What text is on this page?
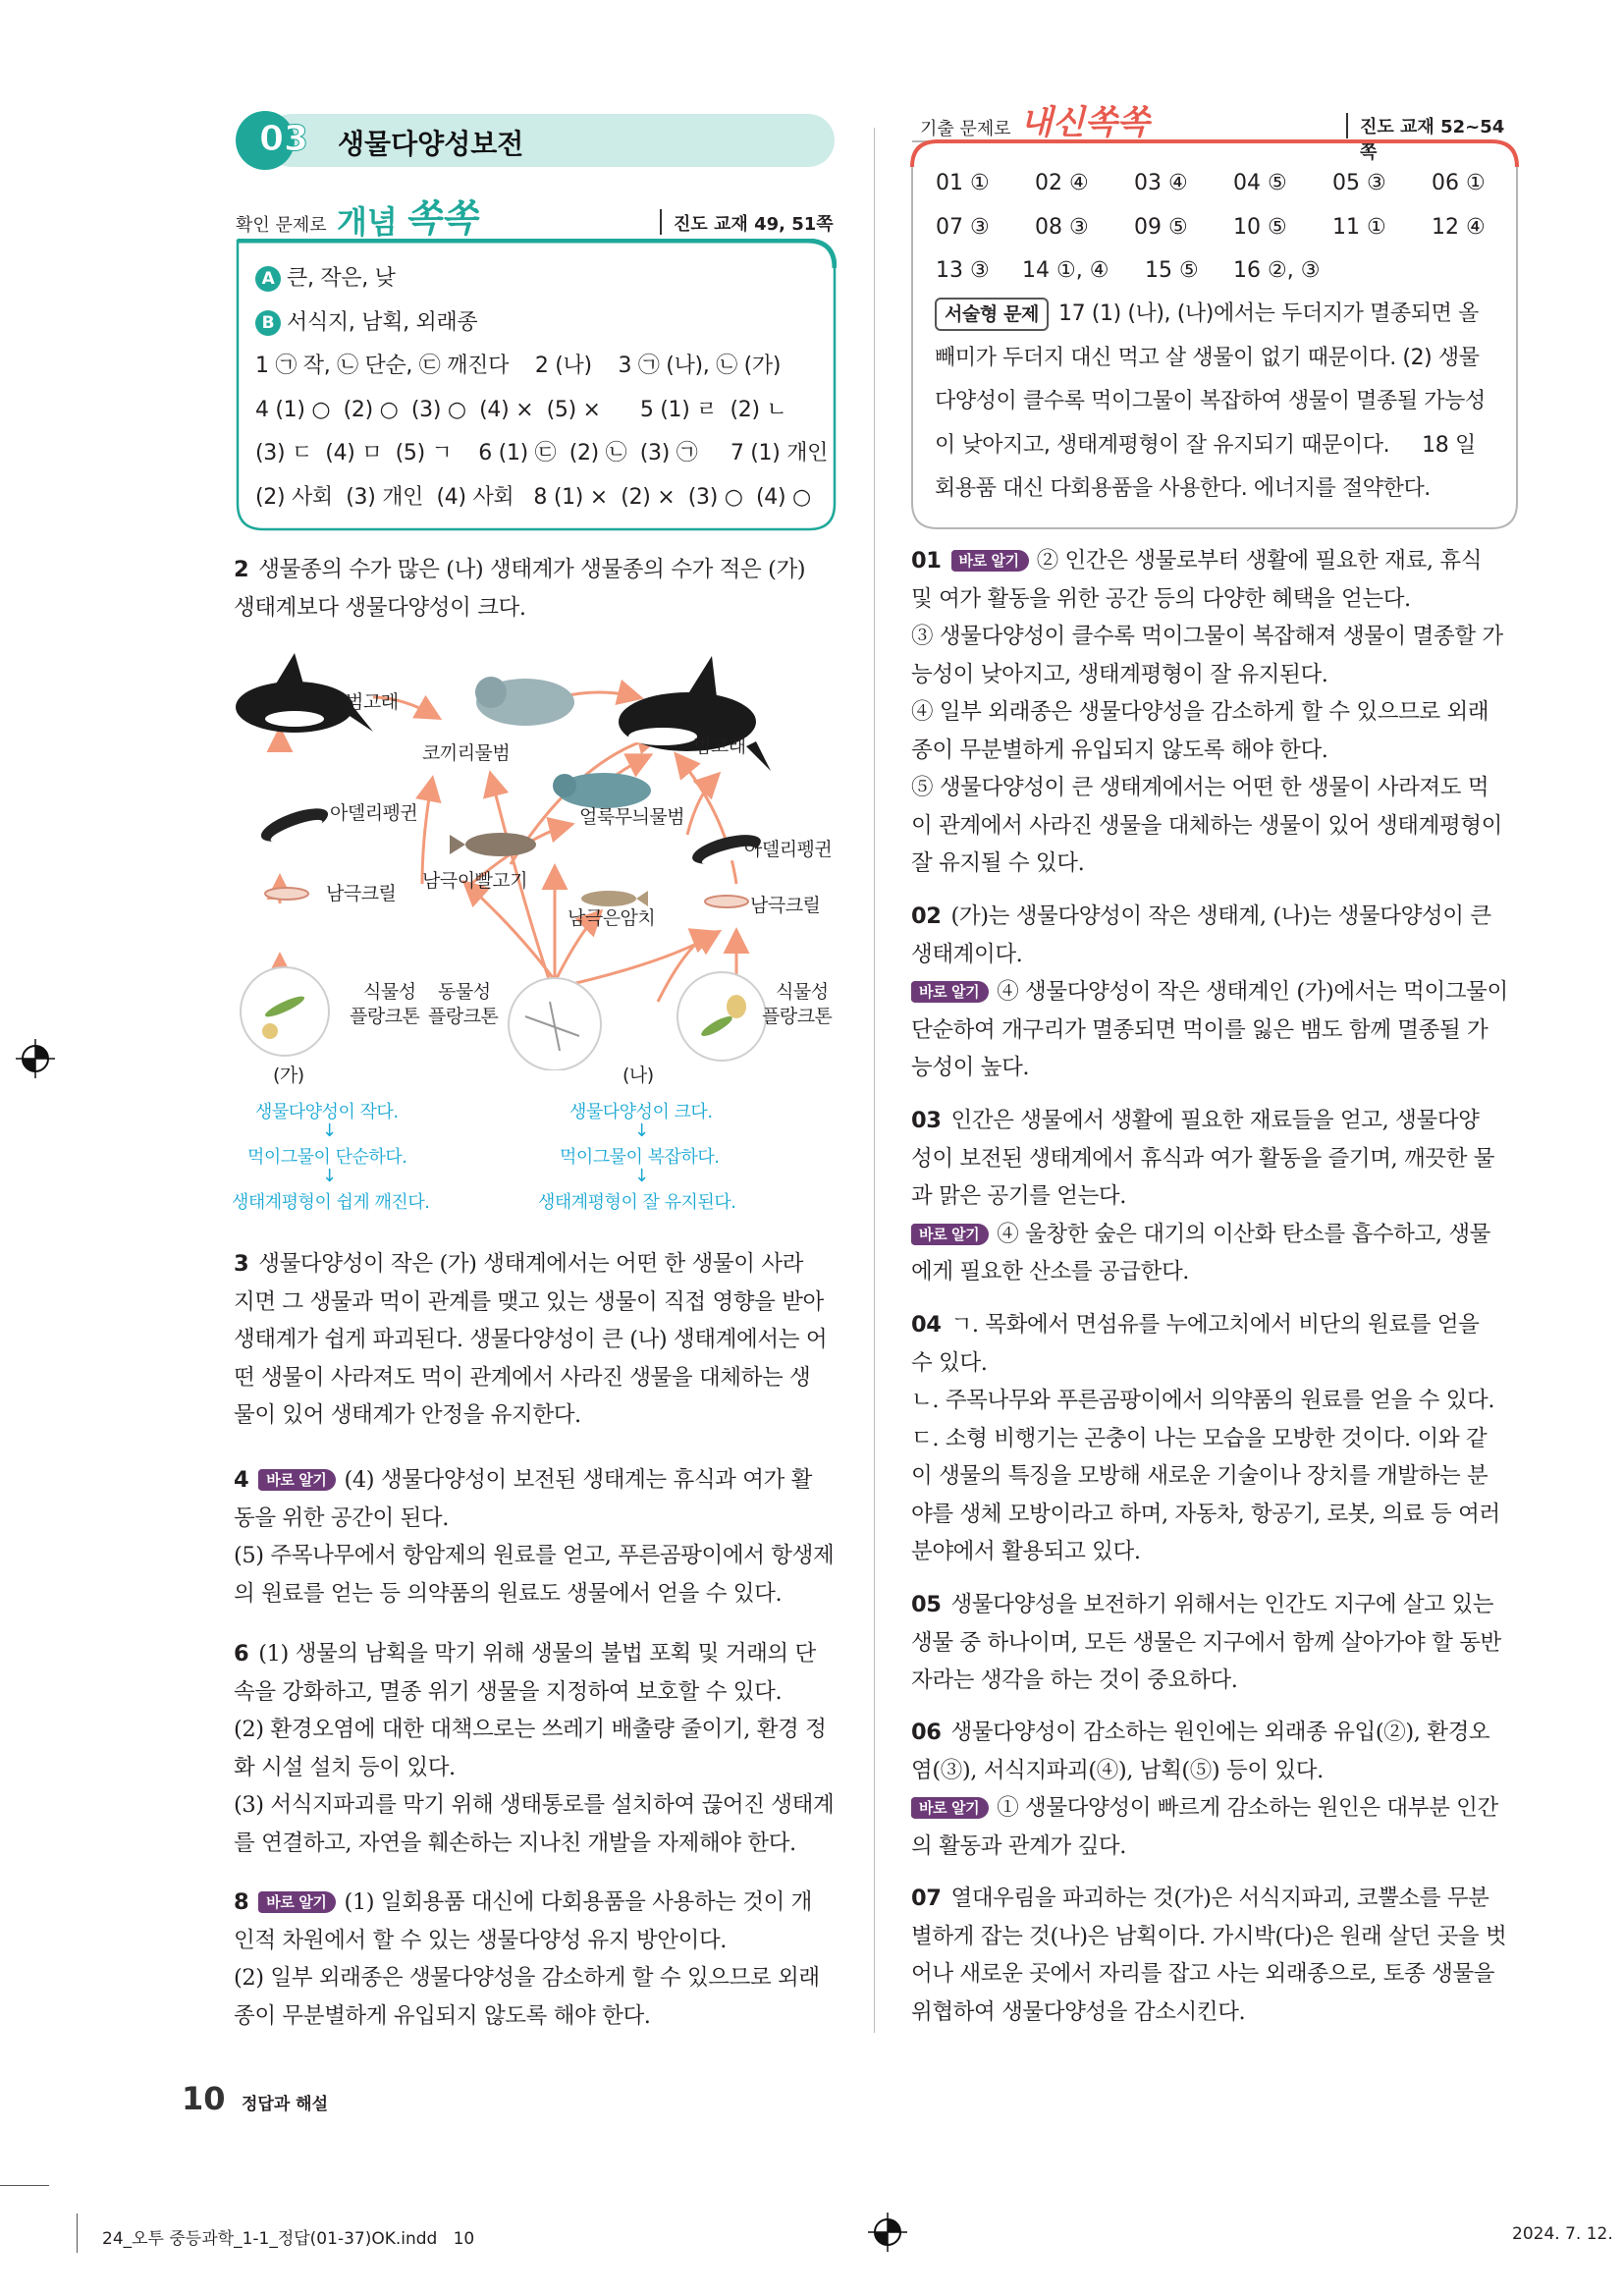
03	생물다양성보전
확인 문제로 개념 쏙쏙	진도 교재 49, 51쪽
A 큰, 작은, 낮
B 서식지, 남획, 외래종
1 ㉠ 작, ㉡ 단순, ㉢ 깨진다    2 (나)    3 ㉠ (나), ㉡ (가)
4 (1) ○  (2) ○  (3) ○  (4) ×  (5) ×      5 (1) ㄹ  (2) ㄴ
(3) ㄷ  (4) ㅁ  (5) ㄱ    6 (1) ㉢  (2) ㉡  (3) ㉠     7 (1) 개인
(2) 사회  (3) 개인  (4) 사회   8 (1) ×  (2) ×  (3) ○  (4) ○
2 생물종의 수가 많은 (나) 생태계가 생물종의 수가 적은 (가)
생태계보다 생물다양성이 크다.
범고래
코끼리물범	범고래
얼룩무늬물범
아델리펭귄
아델리펭귄
남극이빨고기
남극크릴
남극은암치
남극크릴
식물성
플랑크톤
동물성
플랑크톤
식물성
플랑크톤
(가)
생물다양성이 작다.
↓
먹이그물이 단순하다.
↓
생태계평형이 쉽게 깨진다.
(나)
생물다양성이 크다.
↓
먹이그물이 복잡하다.
↓
생태계평형이 잘 유지된다.
3 생물다양성이 작은 (가) 생태계에서는 어떤 한 생물이 사라
지면 그 생물과 먹이 관계를 맺고 있는 생물이 직접 영향을 받아
생태계가 쉽게 파괴된다. 생물다양성이 큰 (나) 생태계에서는 어
떤 생물이 사라져도 먹이 관계에서 사라진 생물을 대체하는 생
물이 있어 생태계가 안정을 유지한다.
4 바로 알기 (4) 생물다양성이 보전된 생태계는 휴식과 여가 활
동을 위한 공간이 된다.
(5) 주목나무에서 항암제의 원료를 얻고, 푸른곰팡이에서 항생제
의 원료를 얻는 등 의약품의 원료도 생물에서 얻을 수 있다.
6 (1) 생물의 남획을 막기 위해 생물의 불법 포획 및 거래의 단
속을 강화하고, 멸종 위기 생물을 지정하여 보호할 수 있다.
(2) 환경오염에 대한 대책으로는 쓰레기 배출량 줄이기, 환경 정
화 시설 설치 등이 있다.
(3) 서식지파괴를 막기 위해 생태통로를 설치하여 끊어진 생태계
를 연결하고, 자연을 훼손하는 지나친 개발을 자제해야 한다.
8 바로 알기 (1) 일회용품 대신에 다회용품을 사용하는 것이 개
인적 차원에서 할 수 있는 생물다양성 유지 방안이다.
(2) 일부 외래종은 생물다양성을 감소하게 할 수 있으므로 외래
종이 무분별하게 유입되지 않도록 해야 한다.
기출 문제로 내신쏙쏙	진도 교재 52~54쪽
01 ① 02 ④ 03 ④ 04 ⑤ 05 ③ 06 ①
07 ③ 08 ③ 09 ⑤ 10 ⑤ 11 ① 12 ④
13 ③ 14 ①, ④ 15 ⑤ 16 ②, ③
서술형 문제 17 (1) (나), (나)에서는 두더지가 멸종되면 올
빼미가 두더지 대신 먹고 살 생물이 없기 때문이다. (2) 생물
다양성이 클수록 먹이그물이 복잡하여 생물이 멸종될 가능성
이 낮아지고, 생태계평형이 잘 유지되기 때문이다.     18 일
회용품 대신 다회용품을 사용한다. 에너지를 절약한다.
01 바로 알기 ② 인간은 생물로부터 생활에 필요한 재료, 휴식
및 여가 활동을 위한 공간 등의 다양한 혜택을 얻는다.
③ 생물다양성이 클수록 먹이그물이 복잡해져 생물이 멸종할 가
능성이 낮아지고, 생태계평형이 잘 유지된다.
④ 일부 외래종은 생물다양성을 감소하게 할 수 있으므로 외래
종이 무분별하게 유입되지 않도록 해야 한다.
⑤ 생물다양성이 큰 생태계에서는 어떤 한 생물이 사라져도 먹
이 관계에서 사라진 생물을 대체하는 생물이 있어 생태계평형이
잘 유지될 수 있다.
02 (가)는 생물다양성이 작은 생태계, (나)는 생물다양성이 큰
생태계이다.
바로 알기 ④ 생물다양성이 작은 생태계인 (가)에서는 먹이그물이
단순하여 개구리가 멸종되면 먹이를 잃은 뱀도 함께 멸종될 가
능성이 높다.
03 인간은 생물에서 생활에 필요한 재료들을 얻고, 생물다양
성이 보전된 생태계에서 휴식과 여가 활동을 즐기며, 깨끗한 물
과 맑은 공기를 얻는다.
바로 알기 ④ 울창한 숲은 대기의 이산화 탄소를 흡수하고, 생물
에게 필요한 산소를 공급한다.
04 ㄱ. 목화에서 면섬유를 누에고치에서 비단의 원료를 얻을
수 있다.
ㄴ. 주목나무와 푸른곰팡이에서 의약품의 원료를 얻을 수 있다.
ㄷ. 소형 비행기는 곤충이 나는 모습을 모방한 것이다. 이와 같
이 생물의 특징을 모방해 새로운 기술이나 장치를 개발하는 분
야를 생체 모방이라고 하며, 자동차, 항공기, 로봇, 의료 등 여러
분야에서 활용되고 있다.
05 생물다양성을 보전하기 위해서는 인간도 지구에 살고 있는
생물 중 하나이며, 모든 생물은 지구에서 함께 살아가야 할 동반
자라는 생각을 하는 것이 중요하다.
06 생물다양성이 감소하는 원인에는 외래종 유입(②), 환경오
염(③), 서식지파괴(④), 남획(⑤) 등이 있다.
바로 알기 ① 생물다양성이 빠르게 감소하는 원인은 대부분 인간
의 활동과 관계가 깊다.
07 열대우림을 파괴하는 것(가)은 서식지파괴, 코뿔소를 무분
별하게 잡는 것(나)은 남획이다. 가시박(다)은 원래 살던 곳을 벗
어나 새로운 곳에서 자리를 잡고 사는 외래종으로, 토종 생물을
위협하여 생물다양성을 감소시킨다.
10 정답과 해설
24_오투 중등과학_1-1_정답(01-37)OK.indd   10	2024. 7. 12.
